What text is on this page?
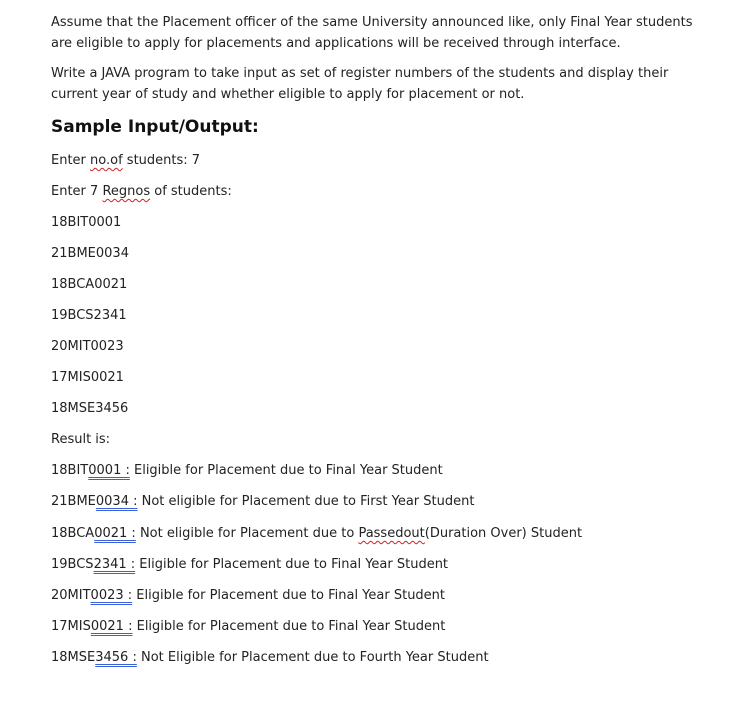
Assume that the Placement officer of the same University announced like, only Final Year students
are eligible to apply for placements and applications will be received through interface.

Write a JAVA program to take input as set of register numbers of the students and display their
current year of study and whether eligible to apply for placement or not.

Sample Input/Output:

Enter no.of students: 7

Enter 7 Regnos of students:

18BIT0001

21BME0034

18BCA0021

19BCS2341

20MIT0023

17MIS0021

18MSE3456

Result is:

18BIT0001 : Eligible for Placement due to Final Year Student

21BME0034 : Not eligible for Placement due to First Year Student

18BCA0021 : Not eligible for Placement due to Passedout(Duration Over) Student

19BCS2341 : Eligible for Placement due to Final Year Student

20MIT0023 : Eligible for Placement due to Final Year Student

17MIS0021 : Eligible for Placement due to Final Year Student

18MSE3456 : Not Eligible for Placement due to Fourth Year Student
